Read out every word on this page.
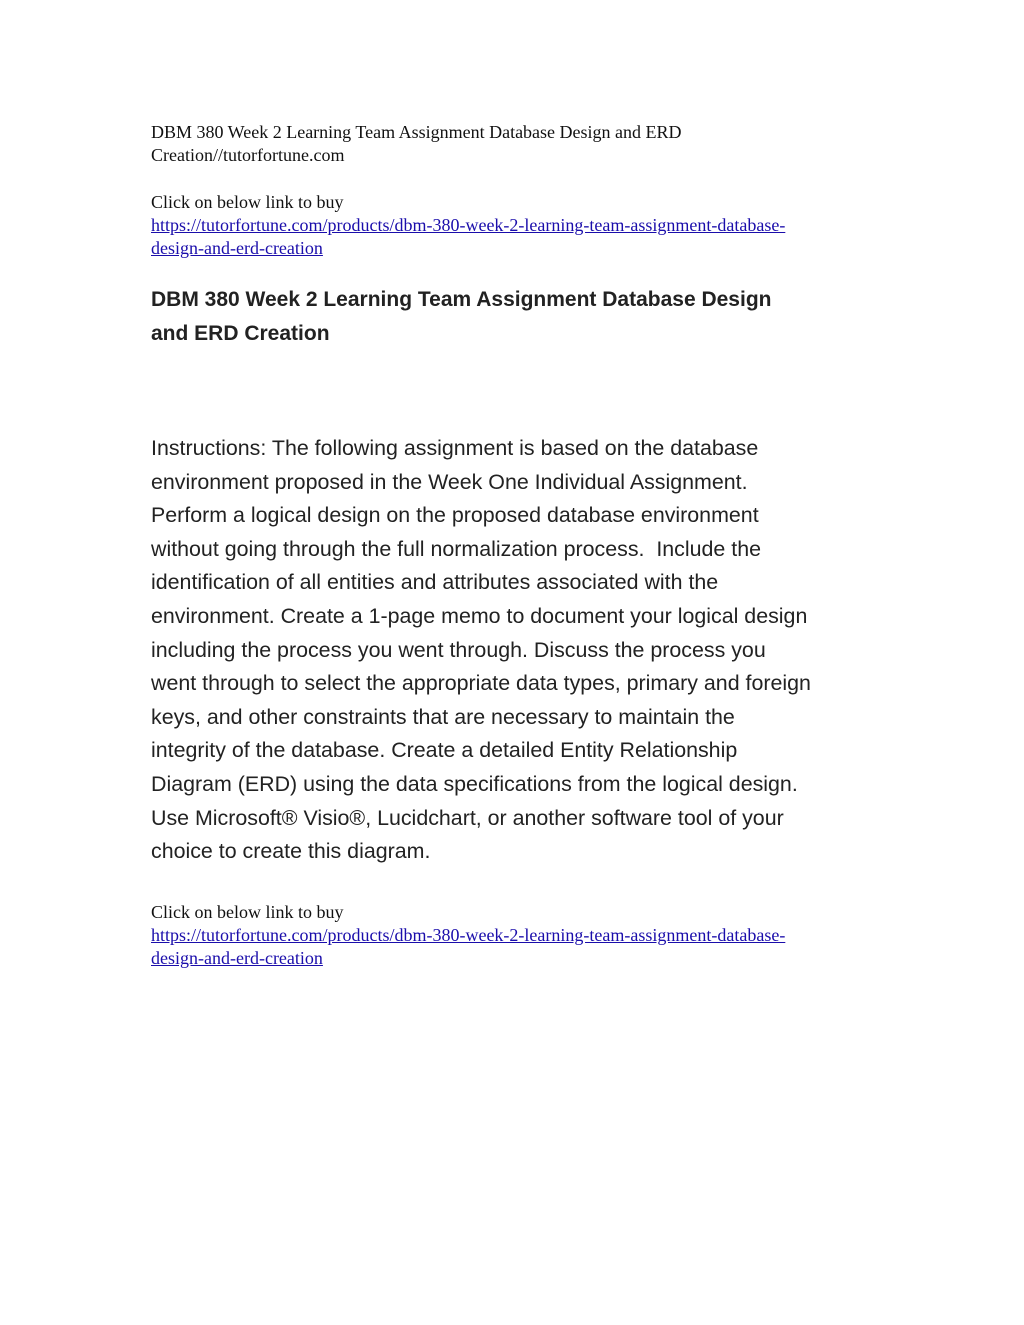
DBM 380 Week 2 Learning Team Assignment Database Design and ERD
Creation//tutorfortune.com
Click on below link to buy
https://tutorfortune.com/products/dbm-380-week-2-learning-team-assignment-database-
design-and-erd-creation
DBM 380 Week 2 Learning Team Assignment Database Design
and ERD Creation
Instructions: The following assignment is based on the database
environment proposed in the Week One Individual Assignment.
Perform a logical design on the proposed database environment
without going through the full normalization process.  Include the
identification of all entities and attributes associated with the
environment. Create a 1-page memo to document your logical design
including the process you went through. Discuss the process you
went through to select the appropriate data types, primary and foreign
keys, and other constraints that are necessary to maintain the
integrity of the database. Create a detailed Entity Relationship
Diagram (ERD) using the data specifications from the logical design.
Use Microsoft® Visio®, Lucidchart, or another software tool of your
choice to create this diagram.
Click on below link to buy
https://tutorfortune.com/products/dbm-380-week-2-learning-team-assignment-database-
design-and-erd-creation
